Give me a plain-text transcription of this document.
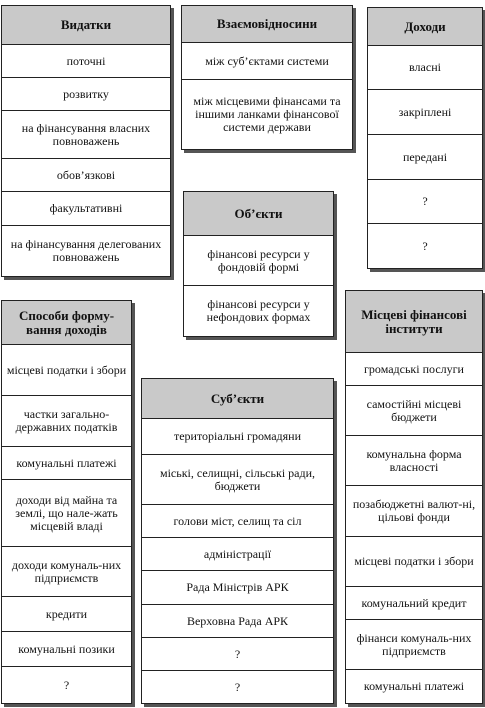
Видатки
поточні
розвитку
на фінансування власних повноважень
обов’язкові
факультативні
на фінансування делегованих повноважень
Взаємовідносини
між суб’єктами системи
між місцевими фінансами та іншими ланками фінансової системи держави
Доходи
власні
закріплені
передані
?
?
Об’єкти
фінансові ресурси у фондовій формі
фінансові ресурси у нефондових формах
Способи форму-вання доходів
місцеві податки і збори
частки загально-державних податків
комунальні платежі
доходи від майна та землі, що нале-жать місцевій владі
доходи комуналь-них підприємств
кредити
комунальні позики
?
Суб’єкти
територіальні громадяни
міські, селищні, сільські ради, бюджети
голови міст, селищ та сіл
адміністрації
Рада Міністрів АРК
Верховна Рада АРК
?
?
Місцеві фінансові інститути
громадські послуги
самостійні місцеві бюджети
комунальна форма власності
позабюджетні валют-ні, цільові фонди
місцеві податки і збори
комунальний кредит
фінанси комуналь-них підприємств
комунальні платежі
